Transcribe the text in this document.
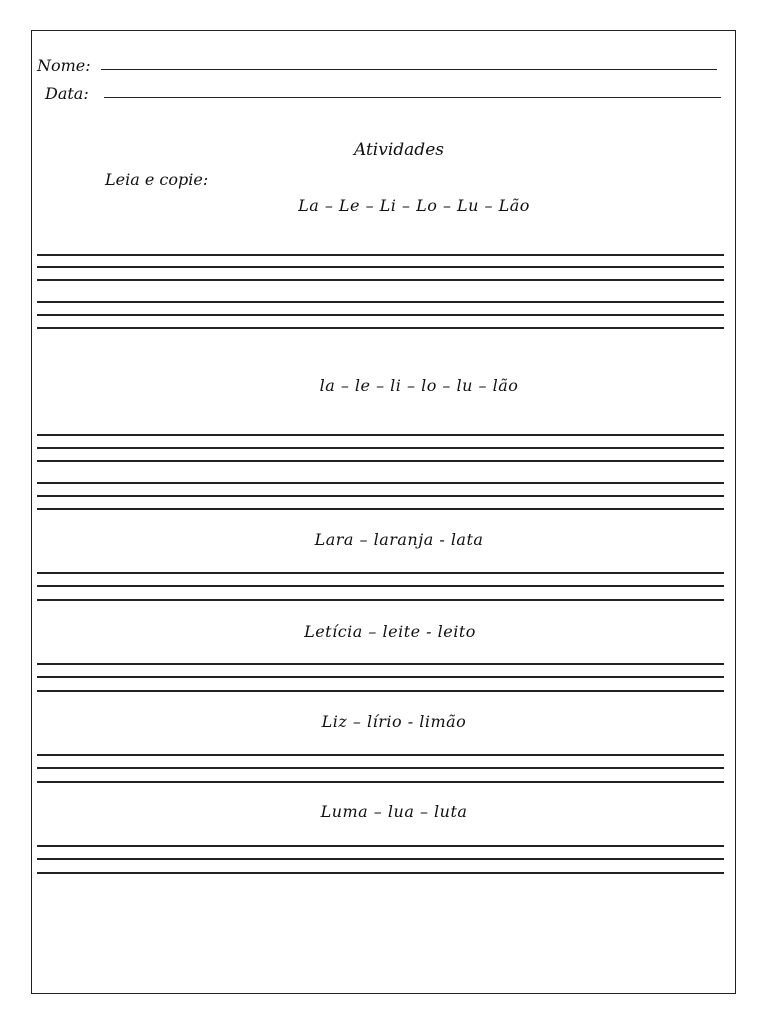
Nome:
Data:
Atividades
Leia e copie:
La – Le – Li – Lo – Lu – Lão
la – le – li – lo – lu – lão
Lara – laranja - lata
Letícia – leite - leito
Liz – lírio - limão
Luma – lua – luta
